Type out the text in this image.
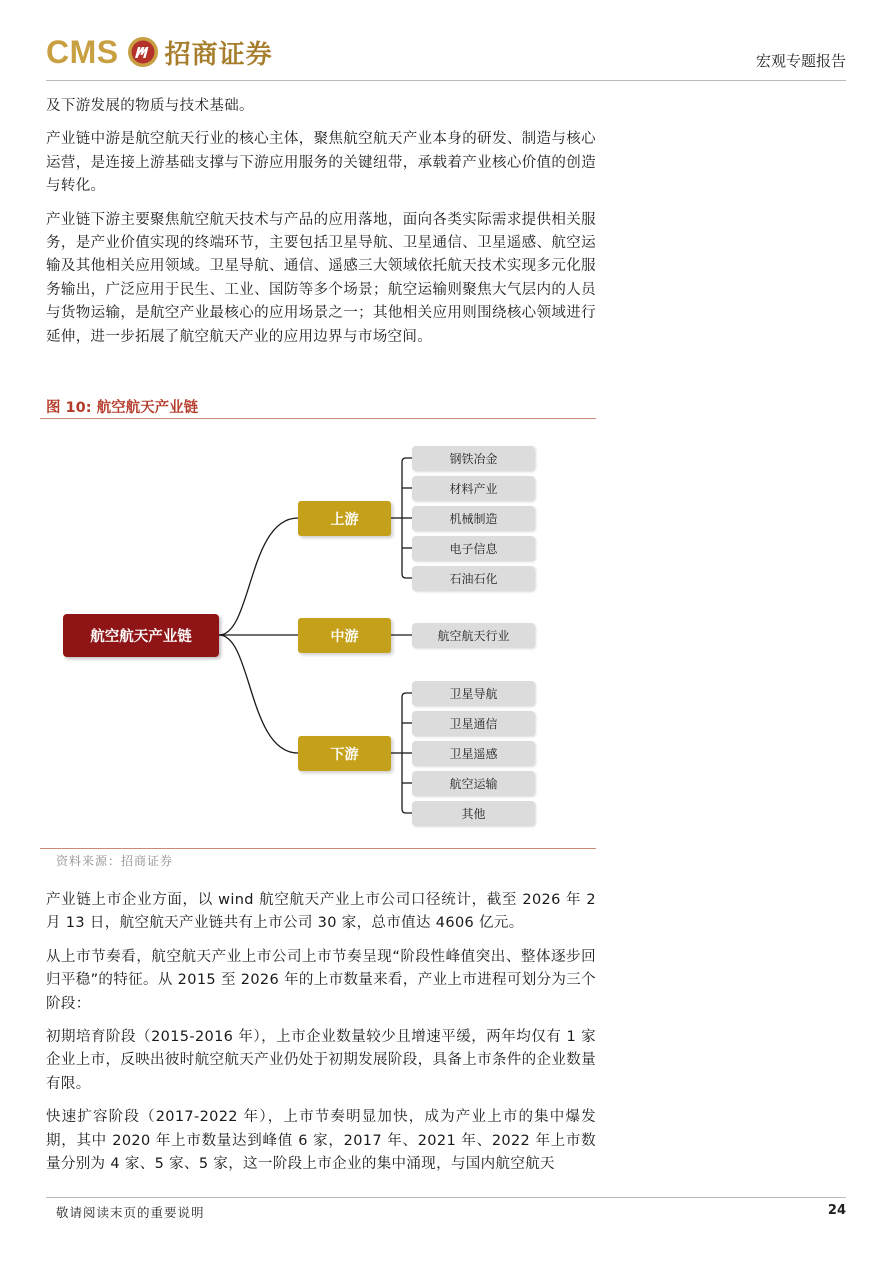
CMS 招商证券	宏观专题报告

及下游发展的物质与技术基础。

产业链中游是航空航天行业的核心主体，聚焦航空航天产业本身的研发、制造与核心运营，是连接上游基础支撑与下游应用服务的关键纽带，承载着产业核心价值的创造与转化。

产业链下游主要聚焦航空航天技术与产品的应用落地，面向各类实际需求提供相关服务，是产业价值实现的终端环节，主要包括卫星导航、卫星通信、卫星遥感、航空运输及其他相关应用领域。卫星导航、通信、遥感三大领域依托航天技术实现多元化服务输出，广泛应用于民生、工业、国防等多个场景；航空运输则聚焦大气层内的人员与货物运输，是航空产业最核心的应用场景之一；其他相关应用则围绕核心领域进行延伸，进一步拓展了航空航天产业的应用边界与市场空间。

图 10: 航空航天产业链
航空航天产业链
上游
中游
下游
钢铁冶金
材料产业
机械制造
电子信息
石油石化
航空航天行业
卫星导航
卫星通信
卫星遥感
航空运输
其他
资料来源：招商证券

产业链上市企业方面，以 wind 航空航天产业上市公司口径统计，截至 2026 年 2 月 13 日，航空航天产业链共有上市公司 30 家，总市值达 4606 亿元。

从上市节奏看，航空航天产业上市公司上市节奏呈现“阶段性峰值突出、整体逐步回归平稳”的特征。从 2015 至 2026 年的上市数量来看，产业上市进程可划分为三个阶段：

初期培育阶段（2015-2016 年），上市企业数量较少且增速平缓，两年均仅有 1 家企业上市，反映出彼时航空航天产业仍处于初期发展阶段，具备上市条件的企业数量有限。

快速扩容阶段（2017-2022 年），上市节奏明显加快，成为产业上市的集中爆发期，其中 2020 年上市数量达到峰值 6 家，2017 年、2021 年、2022 年上市数量分别为 4 家、5 家、5 家，这一阶段上市企业的集中涌现，与国内航空航天

敬请阅读末页的重要说明	24
